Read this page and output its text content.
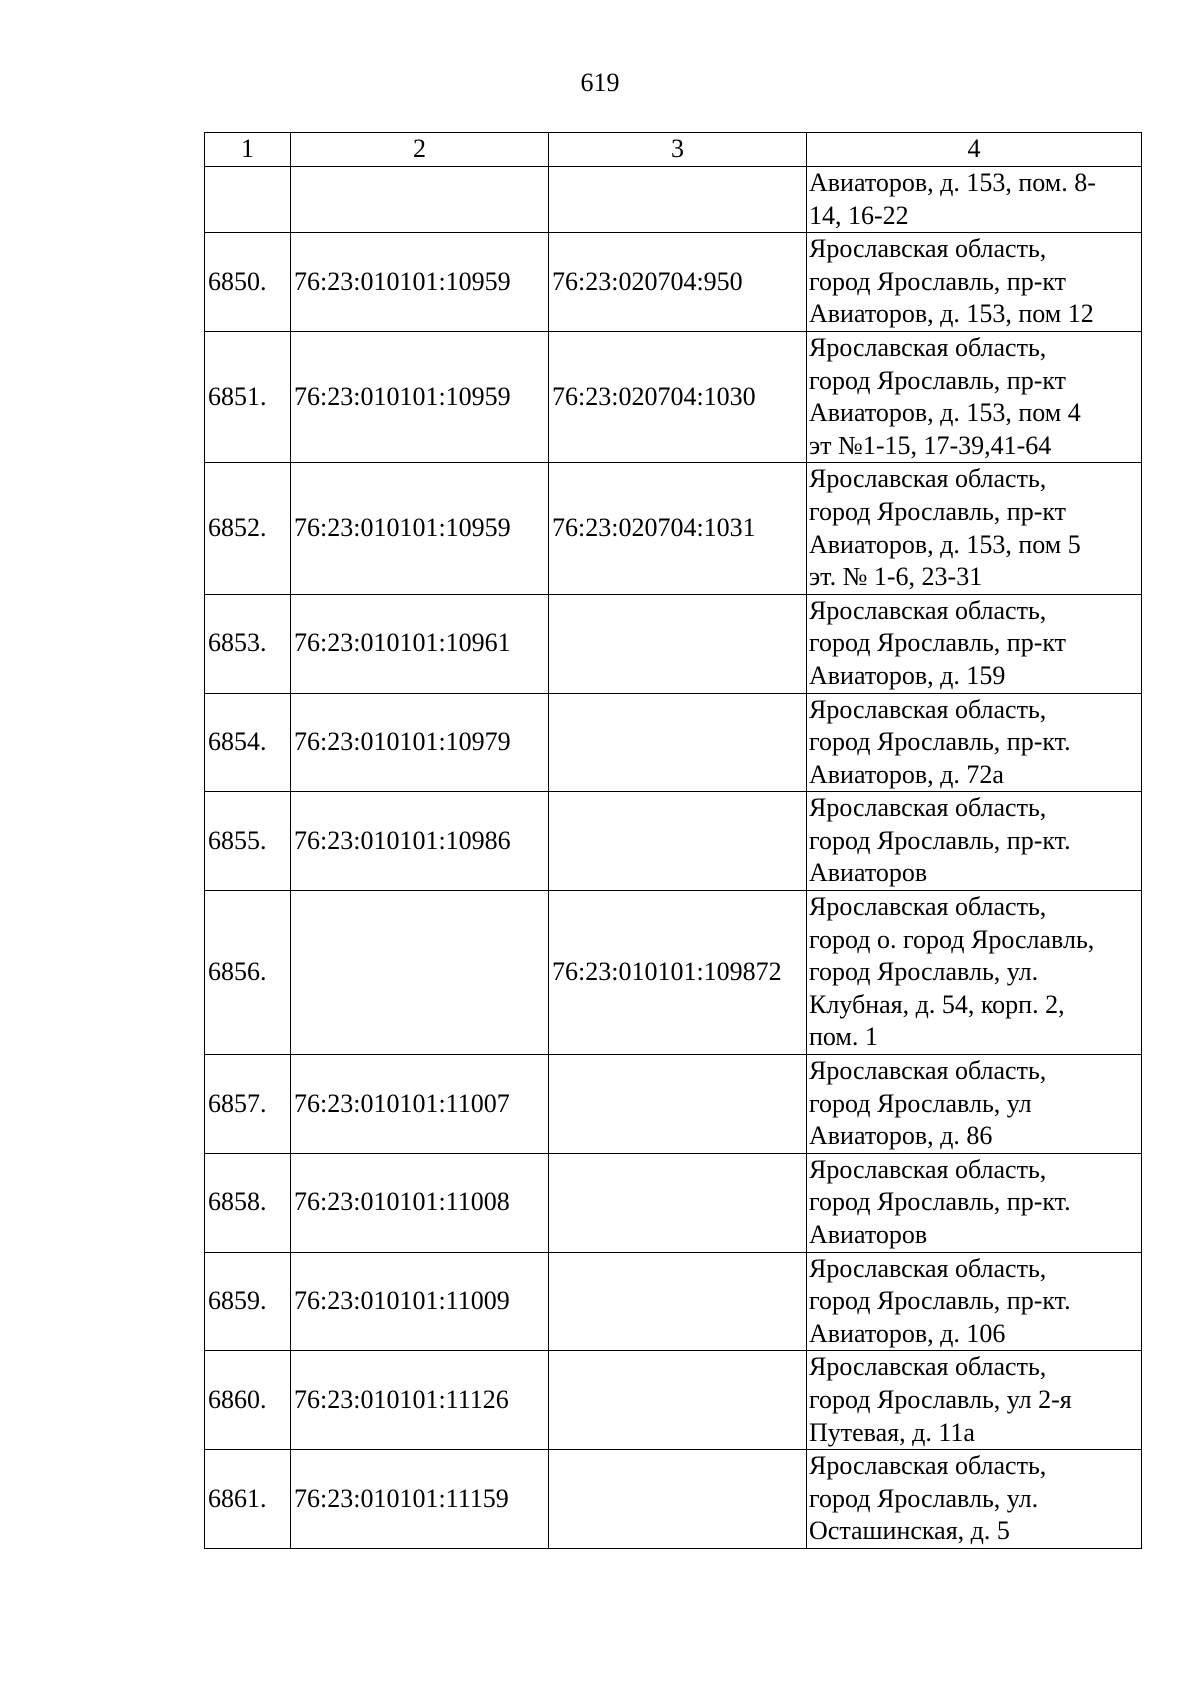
619
1	2	3	4

			Авиаторов, д. 153, пом. 8-
14, 16-22

6850.	76:23:010101:10959	76:23:020704:950	Ярославская область,
город Ярославль, пр-кт
Авиаторов, д. 153, пом 12

6851.	76:23:010101:10959	76:23:020704:1030	Ярославская область,
город Ярославль, пр-кт
Авиаторов, д. 153, пом 4
эт №1-15, 17-39,41-64

6852.	76:23:010101:10959	76:23:020704:1031	Ярославская область,
город Ярославль, пр-кт
Авиаторов, д. 153, пом 5
эт. № 1-6, 23-31

6853.	76:23:010101:10961		Ярославская область,
город Ярославль, пр-кт
Авиаторов, д. 159

6854.	76:23:010101:10979		Ярославская область,
город Ярославль, пр-кт.
Авиаторов, д. 72а

6855.	76:23:010101:10986		Ярославская область,
город Ярославль, пр-кт.
Авиаторов

6856.		76:23:010101:109872	Ярославская область,
город о. город Ярославль,
город Ярославль, ул.
Клубная, д. 54, корп. 2,
пом. 1

6857.	76:23:010101:11007		Ярославская область,
город Ярославль, ул
Авиаторов, д. 86

6858.	76:23:010101:11008		Ярославская область,
город Ярославль, пр-кт.
Авиаторов

6859.	76:23:010101:11009		Ярославская область,
город Ярославль, пр-кт.
Авиаторов, д. 106

6860.	76:23:010101:11126		Ярославская область,
город Ярославль, ул 2-я
Путевая, д. 11а

6861.	76:23:010101:11159		Ярославская область,
город Ярославль, ул.
Осташинская, д. 5
